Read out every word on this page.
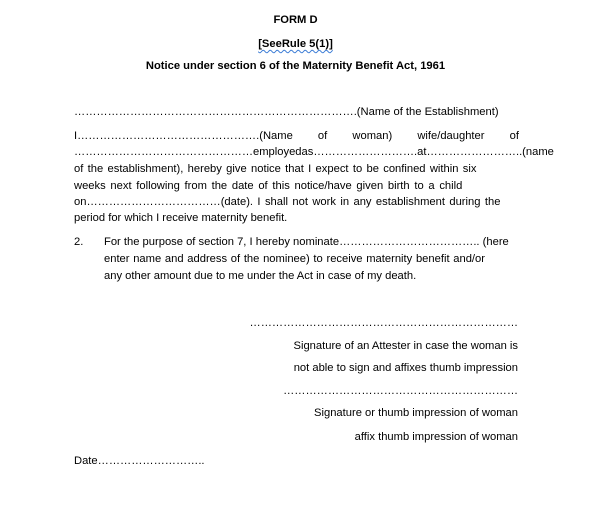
FORM D
[SeeRule 5(1)]
Notice under section 6 of the Maternity Benefit Act, 1961
………………………………………………………………….(Name of the Establishment)
I………………………………………….(Name of woman) wife/daughter of
…………………………………………employed as……………………….at……………………..(name
of the establishment), hereby give notice that I expect to be confined within six
weeks next following from the date of this notice/have given birth to a child
on………………………………(date). I shall not work in any establishment during the
period for which I receive maternity benefit.
2. For the purpose of section 7, I hereby nominate……………………………….. (here
enter name and address of the nominee) to receive maternity benefit and/or
any other amount due to me under the Act in case of my death.
………………………………………………………………
Signature of an Attester in case the woman is
not able to sign and affixes thumb impression
………………………………………………………
Signature or thumb impression of woman
affix thumb impression of woman
Date………………………..
